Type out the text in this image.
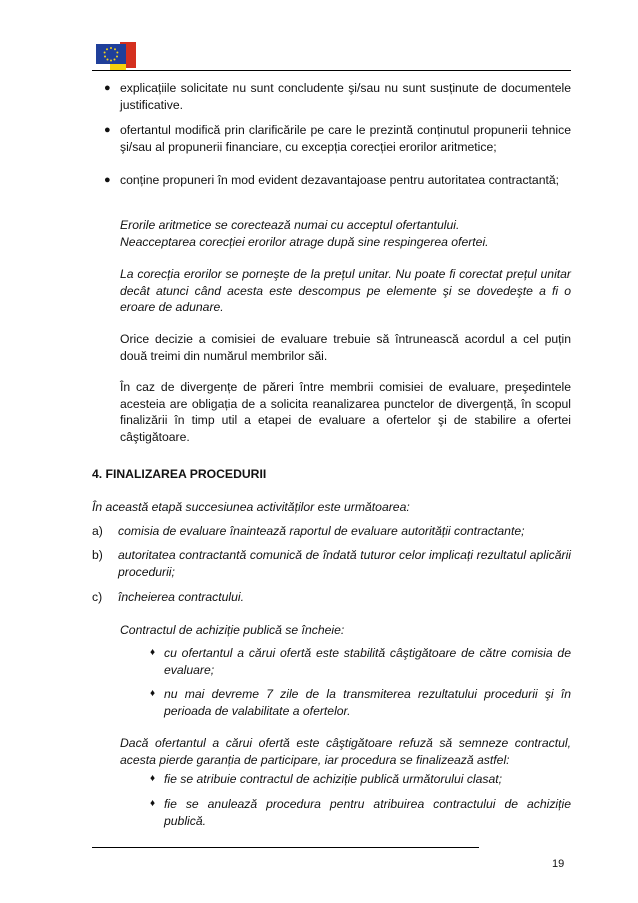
● explicațiile solicitate nu sunt concludente şi/sau nu sunt susținute de documentele justificative.

● ofertantul modifică prin clarificările pe care le prezintă conținutul propunerii tehnice şi/sau al propunerii financiare, cu excepția corecției erorilor aritmetice;

● conține propuneri în mod evident dezavantajoase pentru autoritatea contractantă;

Erorile aritmetice se corectează numai cu acceptul ofertantului.

Neacceptarea corecției erorilor atrage după sine respingerea ofertei.

La corecția erorilor se porneşte de la prețul unitar. Nu poate fi corectat prețul unitar decât atunci când acesta este descompus pe elemente şi se dovedeşte a fi o eroare de adunare.

Orice decizie a comisiei de evaluare trebuie să întrunească acordul a cel puțin două treimi din numărul membrilor săi.

În caz de divergențe de păreri între membrii comisiei de evaluare, preşedintele acesteia are obligația de a solicita reanalizarea punctelor de divergență, în scopul finalizării în timp util a etapei de evaluare a ofertelor şi de stabilire a ofertei câştigătoare.

4. FINALIZAREA PROCEDURII
În această etapă succesiunea activităților este următoarea:
a) comisia de evaluare înaintează raportul de evaluare autorității contractante;

b) autoritatea contractantă comunică de îndată tuturor celor implicați rezultatul aplicării procedurii;

c) încheierea contractului.

Contractul de achiziție publică se încheie:

♦ cu ofertantul a cărui ofertă este stabilită câştigătoare de către comisia de evaluare;

♦ nu mai devreme 7 zile de la transmiterea rezultatului procedurii şi în perioada de valabilitate a ofertelor.

Dacă ofertantul a cărui ofertă este câştigătoare refuză să semneze contractul, acesta pierde garanția de participare, iar procedura se finalizează astfel:

♦ fie se atribuie contractul de achiziție publică următorului clasat;

♦ fie se anulează procedura pentru atribuirea contractului de achiziție publică.

19
